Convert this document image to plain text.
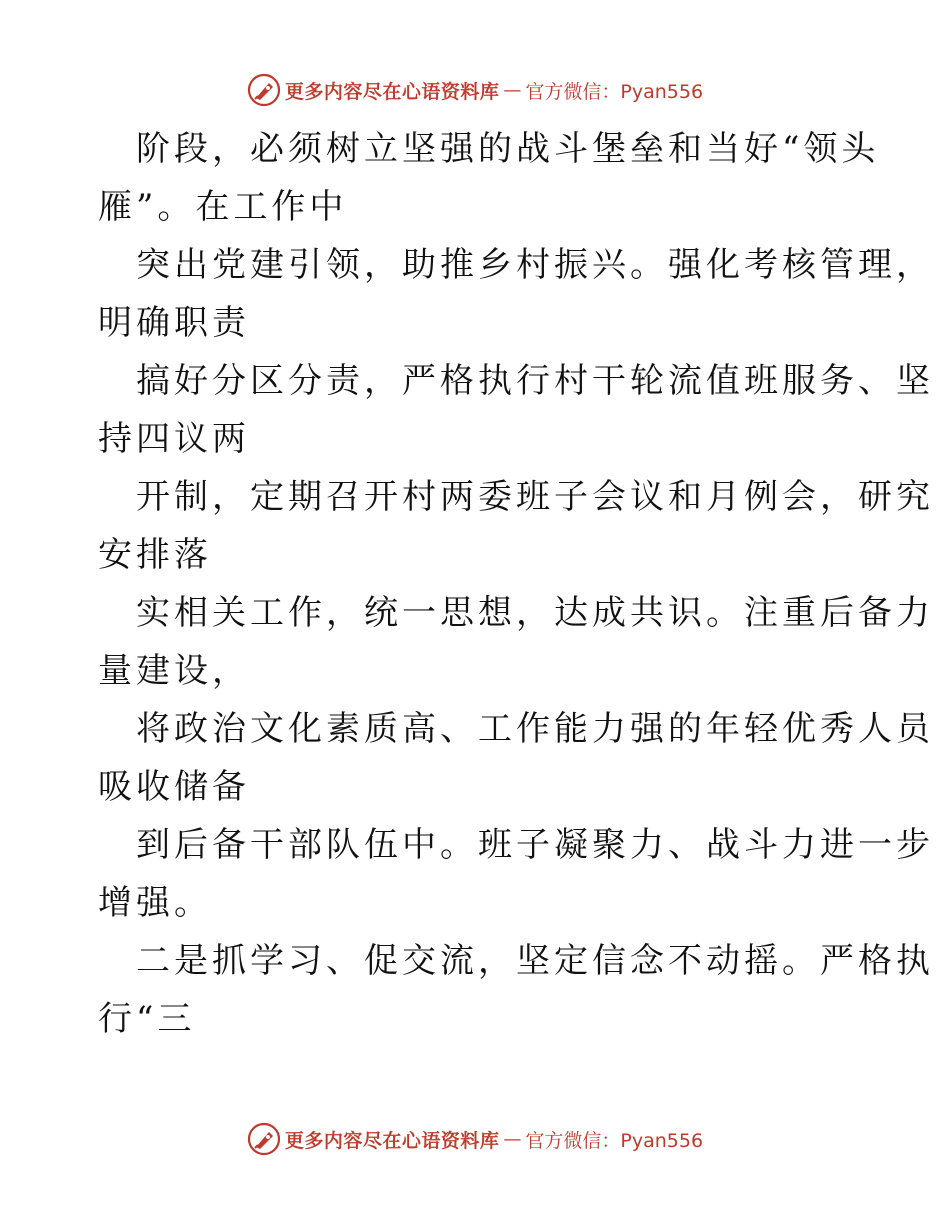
更多内容尽在心语资料库 — 官方微信：Pyan556
阶段，必须树立坚强的战斗堡垒和当好“领头
雁”。在工作中
突出党建引领，助推乡村振兴。强化考核管理，
明确职责
搞好分区分责，严格执行村干轮流值班服务、坚
持四议两
开制，定期召开村两委班子会议和月例会，研究
安排落
实相关工作，统一思想，达成共识。注重后备力
量建设，
将政治文化素质高、工作能力强的年轻优秀人员
吸收储备
到后备干部队伍中。班子凝聚力、战斗力进一步
增强。
二是抓学习、促交流，坚定信念不动摇。严格执
行“三
更多内容尽在心语资料库 — 官方微信：Pyan556
